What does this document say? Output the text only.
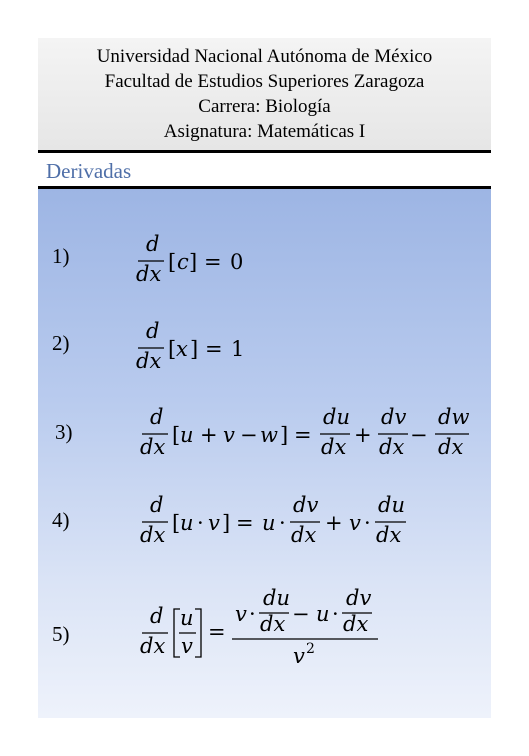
Universidad Nacional Autónoma de México
Facultad de Estudios Superiores Zaragoza
Carrera: Biología
Asignatura: Matemáticas I
Derivadas
1)	d
dx [ c ] = 0
2)	d
dx [ x ] = 1
3)
d
dx [ u + v − w ] =
du
dx +
dv
dx −
dw
dx
4)
d
dx [ u · v ] = u ·
dv
dx + v ·
du
dx
5)
d
dx
u
v
=
v ·
du
dx − u ·
dv
dx
v 2
